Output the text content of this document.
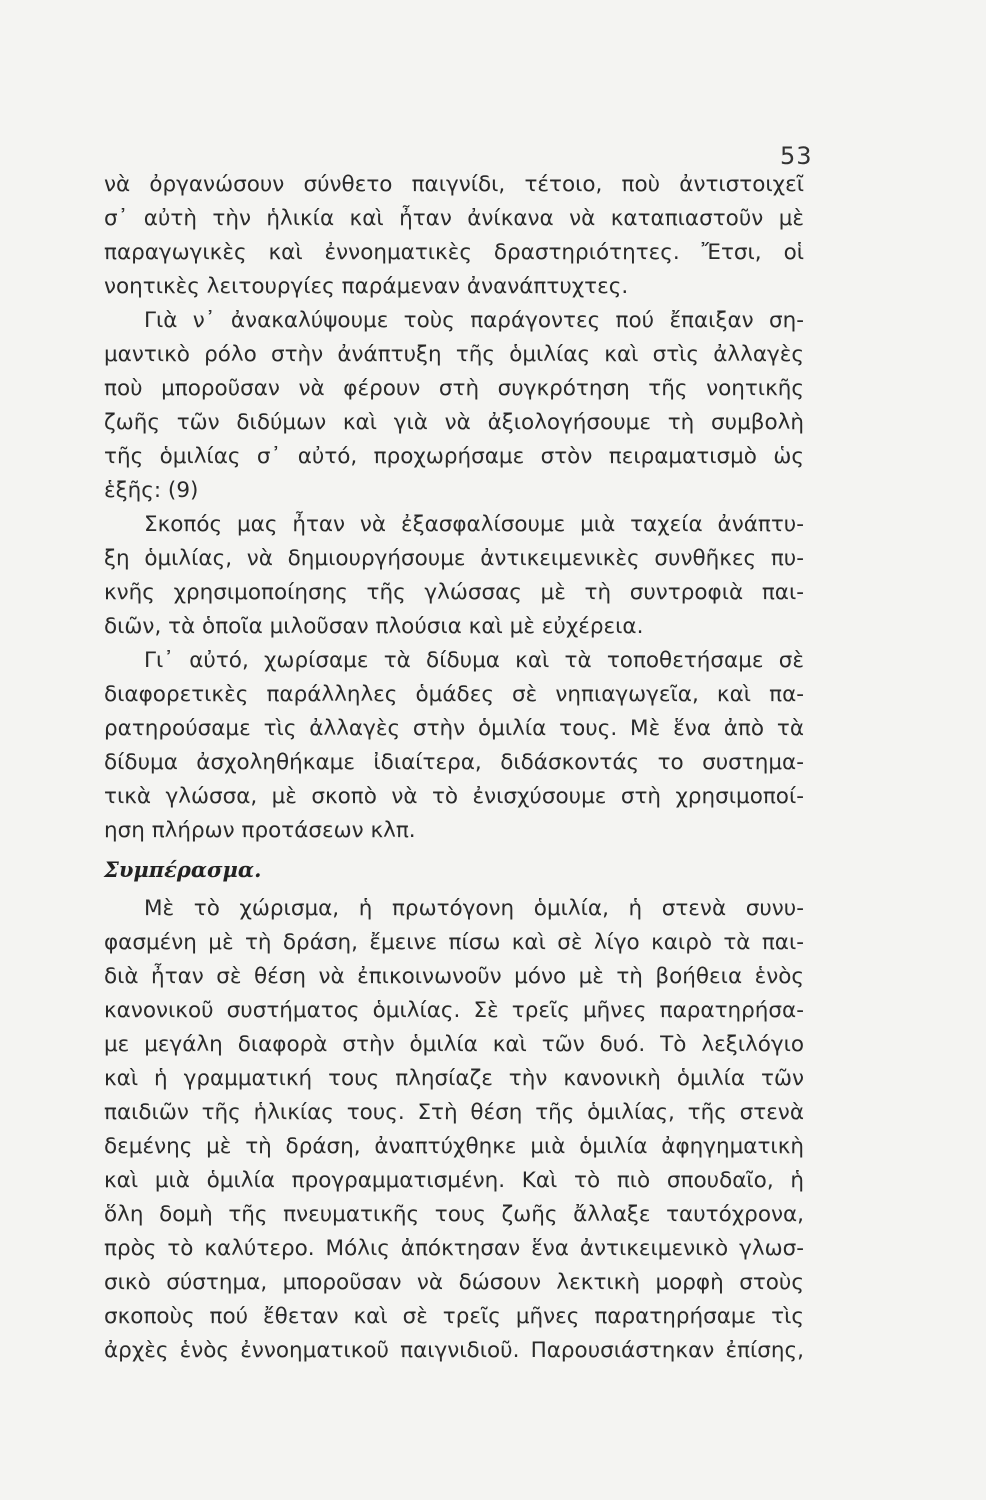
53
νὰ ὀργανώσουν σύνθετο παιγνίδι, τέτοιο, ποὺ ἀντιστοιχεῖ
σ᾽ αὐτὴ τὴν ἡλικία καὶ ἦταν ἀνίκανα νὰ καταπιαστοῦν μὲ
παραγωγικὲς καὶ ἐννοηματικὲς δραστηριότητες. Ἔτσι, οἱ
νοητικὲς λειτουργίες παράμεναν ἀνανάπτυχτες.
Γιὰ ν᾽ ἀνακαλύψουμε τοὺς παράγοντες πού ἔπαιξαν ση-
μαντικὸ ρόλο στὴν ἀνάπτυξη τῆς ὁμιλίας καὶ στὶς ἀλλαγὲς
ποὺ μποροῦσαν νὰ φέρουν στὴ συγκρότηση τῆς νοητικῆς
ζωῆς τῶν διδύμων καὶ γιὰ νὰ ἀξιολογήσουμε τὴ συμβολὴ
τῆς ὁμιλίας σ᾽ αὐτό, προχωρήσαμε στὸν πειραματισμὸ ὡς
ἑξῆς: (9)
Σκοπός μας ἦταν νὰ ἐξασφαλίσουμε μιὰ ταχεία ἀνάπτυ-
ξη ὁμιλίας, νὰ δημιουργήσουμε ἀντικειμενικὲς συνθῆκες πυ-
κνῆς χρησιμοποίησης τῆς γλώσσας μὲ τὴ συντροφιὰ παι-
διῶν, τὰ ὁποῖα μιλοῦσαν πλούσια καὶ μὲ εὐχέρεια.
Γι᾽ αὐτό, χωρίσαμε τὰ δίδυμα καὶ τὰ τοποθετήσαμε σὲ
διαφορετικὲς παράλληλες ὁμάδες σὲ νηπιαγωγεῖα, καὶ πα-
ρατηρούσαμε τὶς ἀλλαγὲς στὴν ὁμιλία τους. Μὲ ἕνα ἀπὸ τὰ
δίδυμα ἀσχοληθήκαμε ἰδιαίτερα, διδάσκοντάς το συστημα-
τικὰ γλώσσα, μὲ σκοπὸ νὰ τὸ ἐνισχύσουμε στὴ χρησιμοποί-
ηση πλήρων προτάσεων κλπ.
Συμπέρασμα.
Μὲ τὸ χώρισμα, ἡ πρωτόγονη ὁμιλία, ἡ στενὰ συνυ-
φασμένη μὲ τὴ δράση, ἔμεινε πίσω καὶ σὲ λίγο καιρὸ τὰ παι-
διὰ ἦταν σὲ θέση νὰ ἐπικοινωνοῦν μόνο μὲ τὴ βοήθεια ἑνὸς
κανονικοῦ συστήματος ὁμιλίας. Σὲ τρεῖς μῆνες παρατηρήσα-
με μεγάλη διαφορὰ στὴν ὁμιλία καὶ τῶν δυό. Τὸ λεξιλόγιο
καὶ ἡ γραμματική τους πλησίαζε τὴν κανονικὴ ὁμιλία τῶν
παιδιῶν τῆς ἡλικίας τους. Στὴ θέση τῆς ὁμιλίας, τῆς στενὰ
δεμένης μὲ τὴ δράση, ἀναπτύχθηκε μιὰ ὁμιλία ἀφηγηματικὴ
καὶ μιὰ ὁμιλία προγραμματισμένη. Καὶ τὸ πιὸ σπουδαῖο, ἡ
ὅλη δομὴ τῆς πνευματικῆς τους ζωῆς ἄλλαξε ταυτόχρονα,
πρὸς τὸ καλύτερο. Μόλις ἀπόκτησαν ἕνα ἀντικειμενικὸ γλωσ-
σικὸ σύστημα, μποροῦσαν νὰ δώσουν λεκτικὴ μορφὴ στοὺς
σκοποὺς πού ἔθεταν καὶ σὲ τρεῖς μῆνες παρατηρήσαμε τὶς
ἀρχὲς ἑνὸς ἐννοηματικοῦ παιγνιδιοῦ. Παρουσιάστηκαν ἐπίσης,
